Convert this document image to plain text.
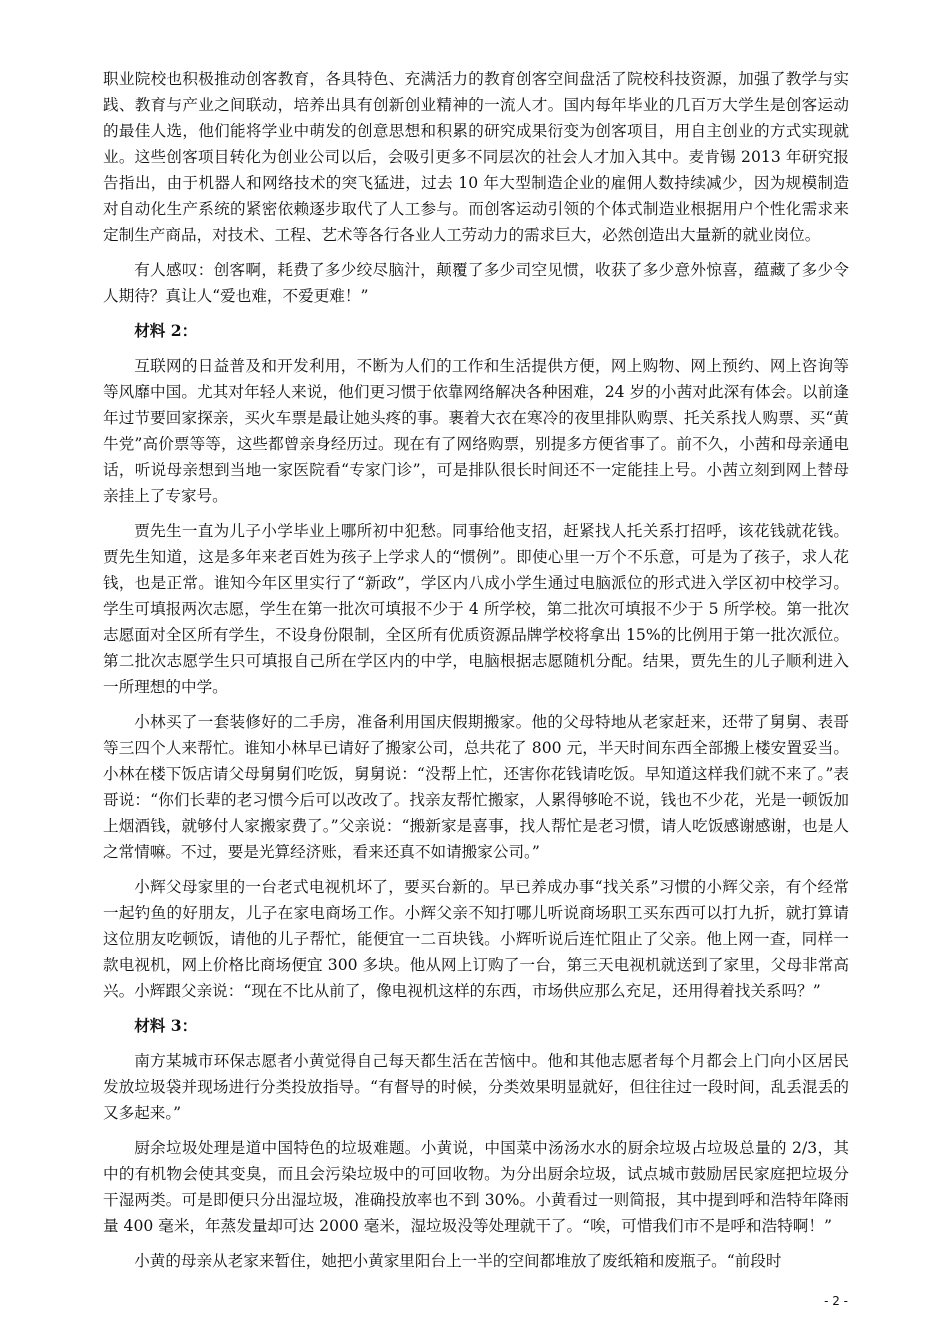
职业院校也积极推动创客教育，各具特色、充满活力的教育创客空间盘活了院校科技资源，加强了教学与实践、教育与产业之间联动，培养出具有创新创业精神的一流人才。国内每年毕业的几百万大学生是创客运动的最佳人选，他们能将学业中萌发的创意思想和积累的研究成果衍变为创客项目，用自主创业的方式实现就业。这些创客项目转化为创业公司以后，会吸引更多不同层次的社会人才加入其中。麦肯锡 2013 年研究报告指出，由于机器人和网络技术的突飞猛进，过去 10 年大型制造企业的雇佣人数持续减少，因为规模制造对自动化生产系统的紧密依赖逐步取代了人工参与。而创客运动引领的个体式制造业根据用户个性化需求来定制生产商品，对技术、工程、艺术等各行各业人工劳动力的需求巨大，必然创造出大量新的就业岗位。

有人感叹：创客啊，耗费了多少绞尽脑汁，颠覆了多少司空见惯，收获了多少意外惊喜，蕴藏了多少令人期待？真让人“爱也难，不爱更难！”

材料 2：

互联网的日益普及和开发利用，不断为人们的工作和生活提供方便，网上购物、网上预约、网上咨询等等风靡中国。尤其对年轻人来说，他们更习惯于依靠网络解决各种困难，24 岁的小茜对此深有体会。以前逢年过节要回家探亲，买火车票是最让她头疼的事。裹着大衣在寒冷的夜里排队购票、托关系找人购票、买“黄牛党”高价票等等，这些都曾亲身经历过。现在有了网络购票，别提多方便省事了。前不久，小茜和母亲通电话，听说母亲想到当地一家医院看“专家门诊”，可是排队很长时间还不一定能挂上号。小茜立刻到网上替母亲挂上了专家号。

贾先生一直为儿子小学毕业上哪所初中犯愁。同事给他支招，赶紧找人托关系打招呼，该花钱就花钱。贾先生知道，这是多年来老百姓为孩子上学求人的“惯例”。即使心里一万个不乐意，可是为了孩子，求人花钱，也是正常。谁知今年区里实行了“新政”，学区内八成小学生通过电脑派位的形式进入学区初中校学习。学生可填报两次志愿，学生在第一批次可填报不少于 4 所学校，第二批次可填报不少于 5 所学校。第一批次志愿面对全区所有学生，不设身份限制，全区所有优质资源品牌学校将拿出 15%的比例用于第一批次派位。第二批次志愿学生只可填报自己所在学区内的中学，电脑根据志愿随机分配。结果，贾先生的儿子顺利进入一所理想的中学。

小林买了一套装修好的二手房，准备利用国庆假期搬家。他的父母特地从老家赶来，还带了舅舅、表哥等三四个人来帮忙。谁知小林早已请好了搬家公司，总共花了 800 元，半天时间东西全部搬上楼安置妥当。小林在楼下饭店请父母舅舅们吃饭，舅舅说：“没帮上忙，还害你花钱请吃饭。早知道这样我们就不来了。”表哥说：“你们长辈的老习惯今后可以改改了。找亲友帮忙搬家，人累得够呛不说，钱也不少花，光是一顿饭加上烟酒钱，就够付人家搬家费了。”父亲说：“搬新家是喜事，找人帮忙是老习惯，请人吃饭感谢感谢，也是人之常情嘛。不过，要是光算经济账，看来还真不如请搬家公司。”

小辉父母家里的一台老式电视机坏了，要买台新的。早已养成办事“找关系”习惯的小辉父亲，有个经常一起钓鱼的好朋友，儿子在家电商场工作。小辉父亲不知打哪儿听说商场职工买东西可以打九折，就打算请这位朋友吃顿饭，请他的儿子帮忙，能便宜一二百块钱。小辉听说后连忙阻止了父亲。他上网一查，同样一款电视机，网上价格比商场便宜 300 多块。他从网上订购了一台，第三天电视机就送到了家里，父母非常高兴。小辉跟父亲说：“现在不比从前了，像电视机这样的东西，市场供应那么充足，还用得着找关系吗？”

材料 3：

南方某城市环保志愿者小黄觉得自己每天都生活在苦恼中。他和其他志愿者每个月都会上门向小区居民发放垃圾袋并现场进行分类投放指导。“有督导的时候，分类效果明显就好，但往往过一段时间，乱丢混丢的又多起来。”

厨余垃圾处理是道中国特色的垃圾难题。小黄说，中国菜中汤汤水水的厨余垃圾占垃圾总量的 2/3，其中的有机物会使其变臭，而且会污染垃圾中的可回收物。为分出厨余垃圾，试点城市鼓励居民家庭把垃圾分干湿两类。可是即便只分出湿垃圾，准确投放率也不到 30%。小黄看过一则简报，其中提到呼和浩特年降雨量 400 毫米，年蒸发量却可达 2000 毫米，湿垃圾没等处理就干了。“唉，可惜我们市不是呼和浩特啊！”

小黄的母亲从老家来暂住，她把小黄家里阳台上一半的空间都堆放了废纸箱和废瓶子。“前段时

- 2 -
